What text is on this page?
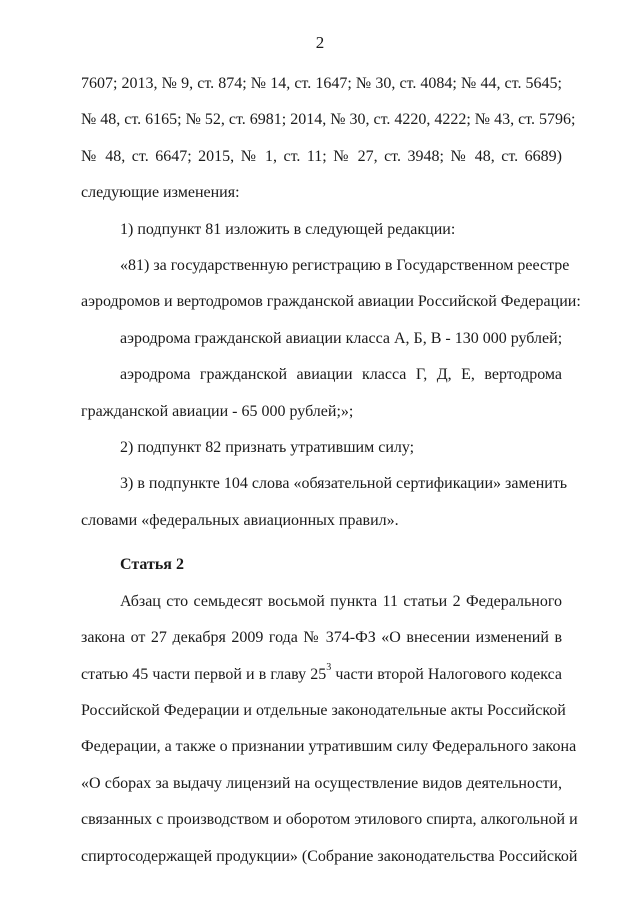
2
7607; 2013, № 9, ст. 874; № 14, ст. 1647; № 30, ст. 4084; № 44, ст. 5645;
№ 48, ст. 6165; № 52, ст. 6981; 2014, № 30, ст. 4220, 4222; № 43, ст. 5796;
№ 48, ст. 6647; 2015, № 1, ст. 11; № 27, ст. 3948; № 48, ст. 6689)
следующие изменения:
1) подпункт 81 изложить в следующей редакции:
«81) за государственную регистрацию в Государственном реестре
аэродромов и вертодромов гражданской авиации Российской Федерации:
аэродрома гражданской авиации класса А, Б, В - 130 000 рублей;
аэродрома гражданской авиации класса Г, Д, Е, вертодрома
гражданской авиации - 65 000 рублей;»;
2) подпункт 82 признать утратившим силу;
3) в подпункте 104 слова «обязательной сертификации» заменить
словами «федеральных авиационных правил».
Статья 2
Абзац сто семьдесят восьмой пункта 11 статьи 2 Федерального
закона от 27 декабря 2009 года № 374-ФЗ «О внесении изменений в
статью 45 части первой и в главу $25^3$ части второй Налогового кодекса
Российской Федерации и отдельные законодательные акты Российской
Федерации, а также о признании утратившим силу Федерального закона
«О сборах за выдачу лицензий на осуществление видов деятельности,
связанных с производством и оборотом этилового спирта, алкогольной и
спиртосодержащей продукции» (Собрание законодательства Российской
